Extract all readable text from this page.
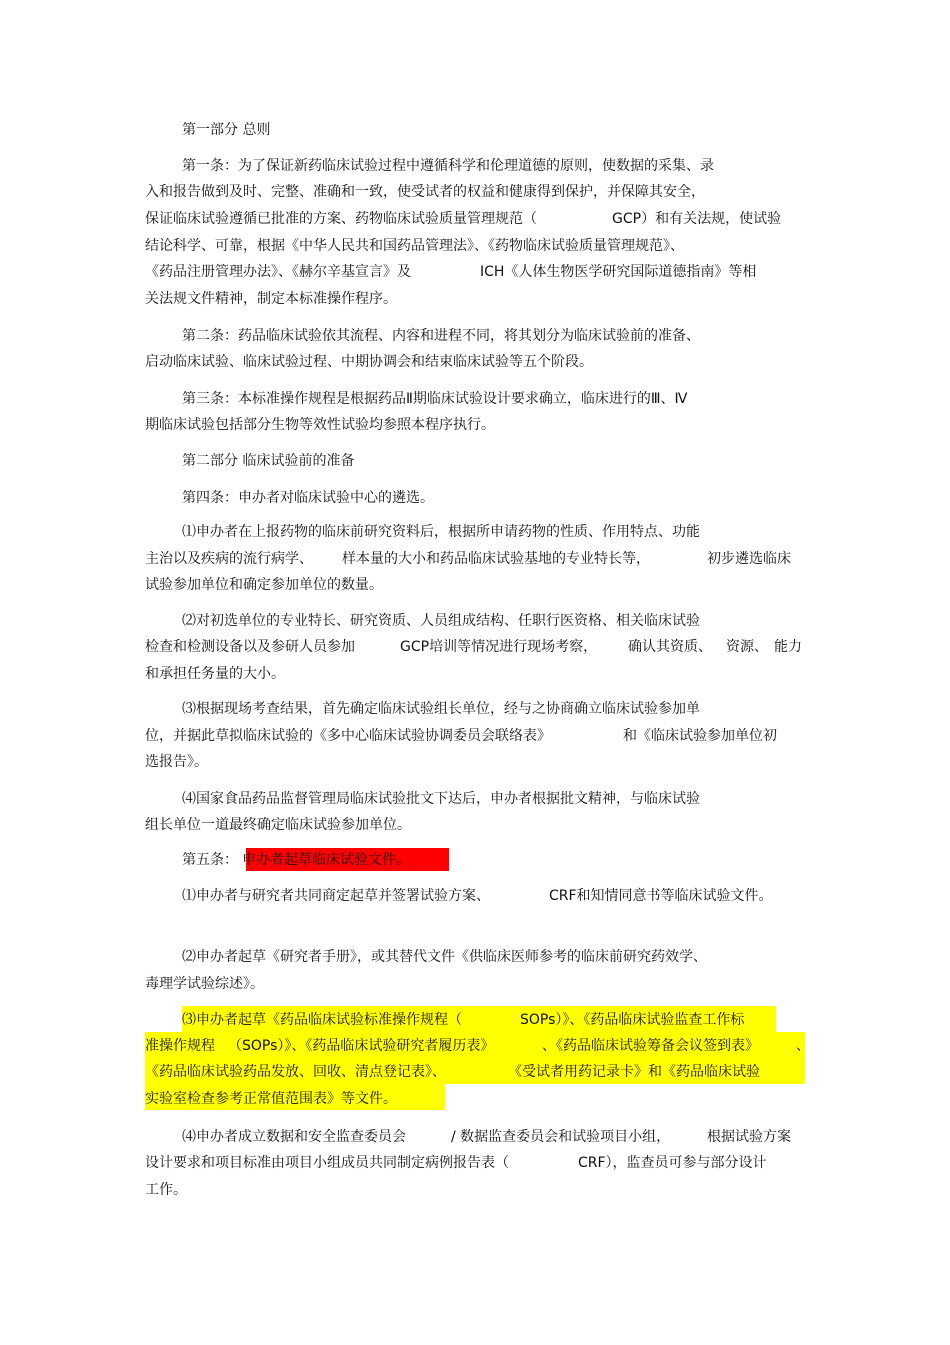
第一部分 总则
第一条：为了保证新药临床试验过程中遵循科学和伦理道德的原则，使数据的采集、录
入和报告做到及时、完整、准确和一致，使受试者的权益和健康得到保护，并保障其安全，
保证临床试验遵循已批准的方案、药物临床试验质量管理规范（	GCP）和有关法规，使试验
结论科学、可靠，根据《中华人民共和国药品管理法》、《药物临床试验质量管理规范》、
《药品注册管理办法》、《赫尔辛基宣言》及	ICH《人体生物医学研究国际道德指南》等相
关法规文件精神，制定本标准操作程序。
第二条：药品临床试验依其流程、内容和进程不同，将其划分为临床试验前的准备、
启动临床试验、临床试验过程、中期协调会和结束临床试验等五个阶段。
第三条：本标准操作规程是根据药品Ⅱ期临床试验设计要求确立，临床进行的Ⅲ、Ⅳ
期临床试验包括部分生物等效性试验均参照本程序执行。
第二部分 临床试验前的准备
第四条：申办者对临床试验中心的遴选。
⑴申办者在上报药物的临床前研究资料后，根据所申请药物的性质、作用特点、功能
主治以及疾病的流行病学、 样本量的大小和药品临床试验基地的专业特长等，	初步遴选临床
试验参加单位和确定参加单位的数量。
⑵对初选单位的专业特长、研究资质、人员组成结构、任职行医资格、相关临床试验
检查和检测设备以及参研人员参加	GCP培训等情况进行现场考察， 确认其资质、 资源、 能力
和承担任务量的大小。
⑶根据现场考查结果，首先确定临床试验组长单位，经与之协商确立临床试验参加单
位，并据此草拟临床试验的《多中心临床试验协调委员会联络表》	和《临床试验参加单位初
选报告》。
⑷国家食品药品监督管理局临床试验批文下达后，申办者根据批文精神，与临床试验
组长单位一道最终确定临床试验参加单位。
第五条： 申办者起草临床试验文件。
⑴申办者与研究者共同商定起草并签署试验方案、	CRF和知情同意书等临床试验文件。
⑵申办者起草《研究者手册》，或其替代文件《供临床医师参考的临床前研究药效学、
毒理学试验综述》。
⑶申办者起草《药品临床试验标准操作规程（	SOPs）》、《药品临床试验监查工作标
准操作规程 （SOPs）》、《药品临床试验研究者履历表》	、《药品临床试验筹备会议签到表》	、
《药品临床试验药品发放、回收、清点登记表》、	《受试者用药记录卡》和《药品临床试验
实验室检查参考正常值范围表》等文件。
⑷申办者成立数据和安全监查委员会	/ 数据监查委员会和试验项目小组，	根据试验方案
设计要求和项目标准由项目小组成员共同制定病例报告表（	CRF），监查员可参与部分设计
工作。
